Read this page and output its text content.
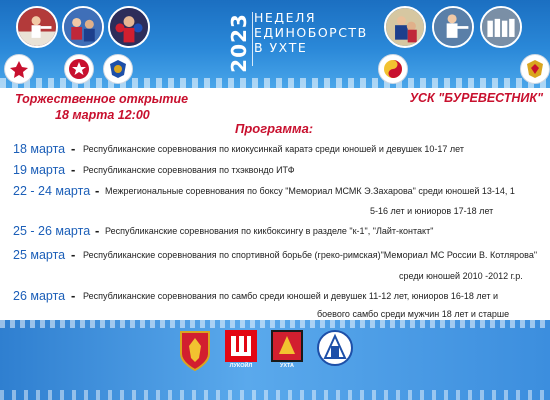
2023 НЕДЕЛЯ
ЕДИНОБОРСТВ
В УХТЕ
Торжественное открытие
18 марта 12:00
УСК "БУРЕВЕСТНИК"
Программа:
18 марта - Республиканские соревнования по киокусинкай каратэ среди юношей и девушек 10-17 лет
19 марта - Республиканские соревнования по тхэквондо ИТФ
22 - 24 марта - Межрегиональные соревнования по боксу "Мемориал МСМК Э.Захарова" среди юношей 13-14, 1
5-16 лет и юниоров 17-18 лет
25 - 26 марта - Республиканские соревнования по кикбоксингу в разделе "к-1", "Лайт-контакт"
25 марта - Республиканские соревнования по спортивной борьбе (греко-римская)"Мемориал МС России В. Котлярова"
среди юношей 2010 -2012 г.р.
26 марта - Республиканские соревнования по самбо среди юношей и девушек 11-12 лет, юниоров 16-18 лет и
боевого самбо среди мужчин 18 лет и старше
ЛУКОЙЛ	УХТА
